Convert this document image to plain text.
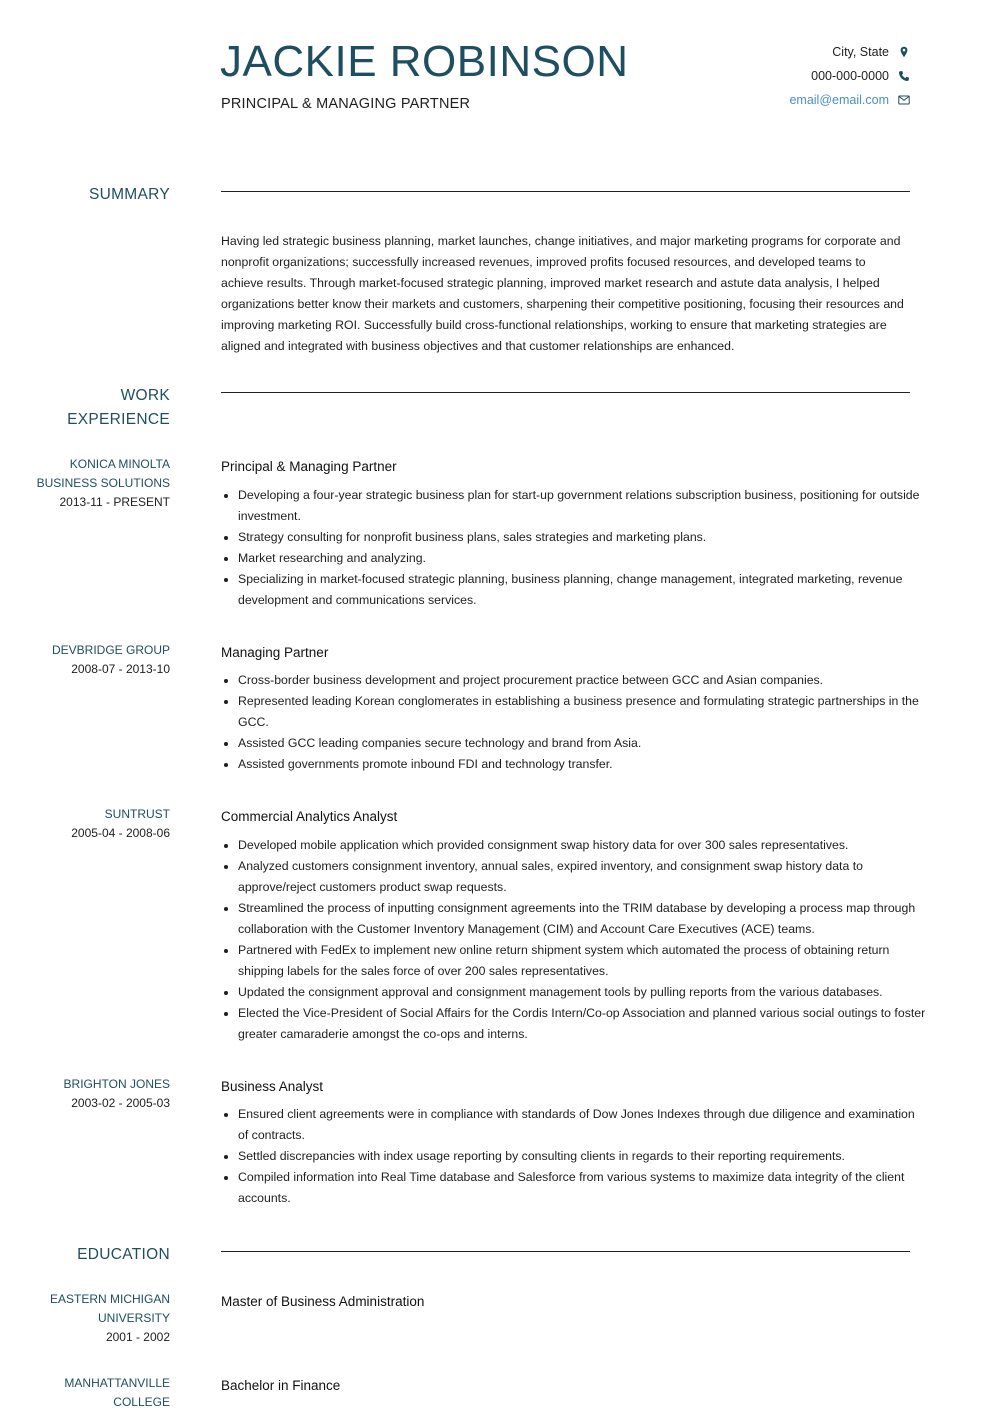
JACKIE ROBINSON
PRINCIPAL & MANAGING PARTNER
City, State
000-000-0000
email@email.com
SUMMARY
Having led strategic business planning, market launches, change initiatives, and major marketing programs for corporate and nonprofit organizations; successfully increased revenues, improved profits focused resources, and developed teams to achieve results. Through market-focused strategic planning, improved market research and astute data analysis, I helped organizations better know their markets and customers, sharpening their competitive positioning, focusing their resources and improving marketing ROI. Successfully build cross-functional relationships, working to ensure that marketing strategies are aligned and integrated with business objectives and that customer relationships are enhanced.
WORK
EXPERIENCE
KONICA MINOLTA
BUSINESS SOLUTIONS
2013-11 - PRESENT
Principal & Managing Partner
• Developing a four-year strategic business plan for start-up government relations subscription business, positioning for outside investment.
• Strategy consulting for nonprofit business plans, sales strategies and marketing plans.
• Market researching and analyzing.
• Specializing in market-focused strategic planning, business planning, change management, integrated marketing, revenue development and communications services.
DEVBRIDGE GROUP
2008-07 - 2013-10
Managing Partner
• Cross-border business development and project procurement practice between GCC and Asian companies.
• Represented leading Korean conglomerates in establishing a business presence and formulating strategic partnerships in the GCC.
• Assisted GCC leading companies secure technology and brand from Asia.
• Assisted governments promote inbound FDI and technology transfer.
SUNTRUST
2005-04 - 2008-06
Commercial Analytics Analyst
• Developed mobile application which provided consignment swap history data for over 300 sales representatives.
• Analyzed customers consignment inventory, annual sales, expired inventory, and consignment swap history data to approve/reject customers product swap requests.
• Streamlined the process of inputting consignment agreements into the TRIM database by developing a process map through collaboration with the Customer Inventory Management (CIM) and Account Care Executives (ACE) teams.
• Partnered with FedEx to implement new online return shipment system which automated the process of obtaining return shipping labels for the sales force of over 200 sales representatives.
• Updated the consignment approval and consignment management tools by pulling reports from the various databases.
• Elected the Vice-President of Social Affairs for the Cordis Intern/Co-op Association and planned various social outings to foster greater camaraderie amongst the co-ops and interns.
BRIGHTON JONES
2003-02 - 2005-03
Business Analyst
• Ensured client agreements were in compliance with standards of Dow Jones Indexes through due diligence and examination of contracts.
• Settled discrepancies with index usage reporting by consulting clients in regards to their reporting requirements.
• Compiled information into Real Time database and Salesforce from various systems to maximize data integrity of the client accounts.
EDUCATION
EASTERN MICHIGAN
UNIVERSITY
2001 - 2002
Master of Business Administration
MANHATTANVILLE
COLLEGE
Bachelor in Finance
